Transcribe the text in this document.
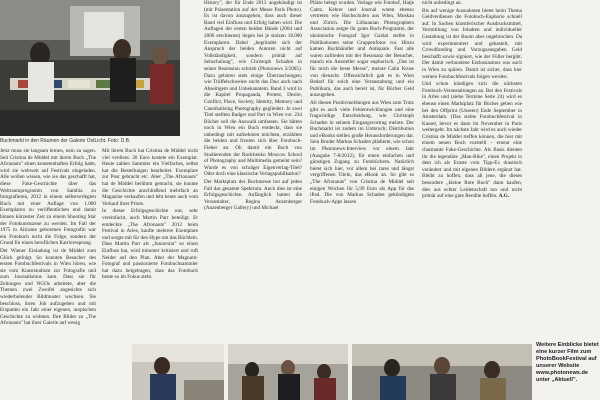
Buchmarkt in den Räumen der Galerie OstLicht. Foto: D.B.

Jetzt muss sie langsam lernen, nein zu sagen. Seit Cristina de Middel mit ihrem Buch „The Afronauts" einen kometenhaften Erfolg hatte, wird sie weltweit auf Festivals eingeladen. Alle wollen wissen, wie sie das geschafft hat, diese Fake-Geschichte über das Weltraumprogramm von Sambia zu fotografieren, 2012 in einem selbstverlegten Buch mit einer Auflage von 1.000 Exemplaren zu veröffentlichen und damit binnen kürzester Zeit zu einem Shooting Star der Fotokunstszene zu werden. Im Fall der 1975 in Alicante geborenen Fotografin war ein Fotobuch nicht die Folge, sondern der Grund für einen beruflichen Karrieresprung.

Der Wiener Einladung ist de Middel zum Glück gefolgt. So konnten Besucher des ersten Fotobuchfestivals in Wien hören, wie sie vom Kunststudium zur Fotografie und zum Journalismus kam. Dass sie für Zeitungen und NGOs arbeitete, aber die Themen zwei Zweifel angesichts sich wiederholender Bildmuster wuchsen. Sie beschloss, ihren Job aufzugeben und mit Ersparten ein Jahr einer eigenen, utopischen Geschichte zu widmen. Ihre Bilder zu „The Afronauts" hat ihrer Galerie auf wenig

Mit ihrem Buch hat Cristina de Middel nicht viel verdient. 20 Euro kostete ein Exemplar. Heute zahlen Sammler ein Vielfaches, selbst hat die Bestellungen bearbeitet. Exemplare zur Post gebracht etc. Aber „The Afronauts" hat de Middel berühmt gemacht, sie konnte die Geschichte anschließend mehrfach an Magazine verkaufen und lebt heute auch vom Verkauf ihrer Prints.

In dieser Erfolgsgeschichte war, sehr vereinfacht, auch Martin Parr beteiligt. Er entdeckte „The Afronauts" 2012 beim Festival in Arles, kaufte mehrere Exemplare und sorgte mit für den Hype um das Büchlein. Dass Martin Parr als „Juniorstar" so einen Einfluss hat, wird mitunter kritisiert und ruft Neider auf den Plan. Aber der Magnum-Fotograf und passionierte Fotobuchsammler hat dazu beigetragen, dass das Fotobuch heute so im Fokus steht.

History", der für Ende 2013 angekündigt ist (mit Präsentation auf der Messe Paris Photo). Es ist davon auszugehen, dass auch dieser Band viel Einfluss und Erfolg haben wird. Die Auflagen der ersten beiden Bände (2004 und 2006 erschienen) liegen bei je stolzen 18.000 Exemplaren. Dabei „begründet sich der Anspruch der beiden Autoren nicht auf Vollständigkeit, sondern primär auf Sehschulung", wie Christoph Schaden in seiner Rezension schrieb (Photonews 2/2005). Dazu gehören stets einige Überraschungen; wie Trüffelschweine sucht das Duo auch nach Abseitigem und Unbekanntem. Band 3 wird in die Kapitel Propaganda, Protest, Desire, Conflict, Place, Society, Identity, Memory und Cannibalising Photography gegliedert. Je zwei Titel stellten Badger und Parr in Wien vor. 234 Bücher soll die Auswahl umfassen. Sie hätten noch in Wien ein Buch entdeckt, dass sie unbedingt mit aufnehmen möchten, erzählten die beiden und freuten sich über Fotobuch-Fieber an. Oh damit ein Buch von Studierenden der Rodchenko Moscow School of Photography and Multimedia gemeint sein? Wurde es von schräger Eigenverlag-Titel? Oder doch eine klassische Verlagspublikation?

Der Marktplatz der Buchmesse bot auf jeden Fall das gesamte Spektrum. Auch dies ist eine Erfolgsgeschichte. Anfänglich hatten die Veranstalter, Regina Anzenberger (Anzenberger Gallery) und Michael

Plätze belegt wurden. Verlage wie Fotohof, Hatje Cantz, Kehrer und Journal waren ebenso vertreten wie Hochschulen aus Wien, Moskau und Zürich. Die Lithuanian Photographers Association zeigte ihr gutes Buch-Programm, der ukrainische Fotograf Igor Gaidai stellte in Publikationen seine Gruppenfotos vor. Hinzu kamen Buchhändler und Antiquare. Fast alle waren zufrieden mit der Resonanz der Besucher, manch ein Aussteller sogar euphorisch. „Das ist für mich die beste Messe", meinte Calin Kruse von dienacht. Offensichtlich gab es in Wien Bedarf für solch eine Veranstaltung und ein Publikum, das auch bereit ist, für Bücher Geld auszugeben.

All diesen Positivmeldungen aus Wien zum Trotz gibt es auch viele Fehlentwicklungen und eine fragwürdige Entscheidung, wie Christoph Schaden in seinem Eingangsvortrag meinte. Der Buchmarkt ist zudem im Umbruch; Distribution und eBooks stellen große Herausforderungen dar. Sein Bruder Markus Schaden plädierte, wie schon im Photonews-Interview vor einem Jahr (Ausgabe 7-8/2012), für einen einfachen und günstigen Zugang zu Fotobüchern. Natürlich bietet sich hier, vor allem bei rares und längst vergriffenen Titeln, das eBook an. So gibt es „The Afronauts" von Cristina de Middel seit einigen Wochen für 5,99 Euro als App für das iPad. Die von Markus Schaden gekündigten Fotobuch-Apps lassen

nicht unbedingt an.

Bis auf wenige Ausnahmen bietet beim Thema Geldverdienen die Fotobuch-Euphorie schnell auf. In Sachen künstlerischer Ausdrucksmittel, Vermittlung von Inhalten und individueller Gestaltung ist der Boom aber ungebrochen. Da wird experimentiert und gebastelt, mit Crowdfunding und Vorzugsausgaben Geld beschafft sowie signiert, wie der Füller hergibt. Der damit verbundene Enthusiasmus war auch in Wien zu spüren. Damit ist sicher, dass hier weitere Fotobuchfestivals folgen werden.

Und schon kündigen sich die nächsten Fotobuch-Veranstaltungen an. Bei den Festivals in Arles und (siehe Termine Seite 24) wird es ebenso einen Marktplatz für Bücher geben wie bei den Offprint (Unseen) Ende September in Amsterdam. (Das siebte Fotobuchfestival in Kassel, bevor es dann im November in Paris weitergeht. Im nächste Jahr wird es auch wieder Cristina de Middel treffen können, die hier mit einem neuen Buch vorstellt – erneut eine charmante Fake-Geschichte. Als Basis dienten ihr die legendäre „Man-Bike", einen Projekt in dem ich als Ernste vom Tipp-Ex drastisch verändert und mit eigenen Bildern ergänzt hat. Bleibt zu hoffen, dass all jene, die dieses besondere „kleine Rote Buch" dann kaufen, dies aus echter Leidenschaft tun und nicht primär auf eine gute Rendite hoffen. A.G.

Weitere Einblicke bietet eine kurzer Film zum PhotoBookFestival auf unserer Website www.photonews.de unter „Aktuell".
